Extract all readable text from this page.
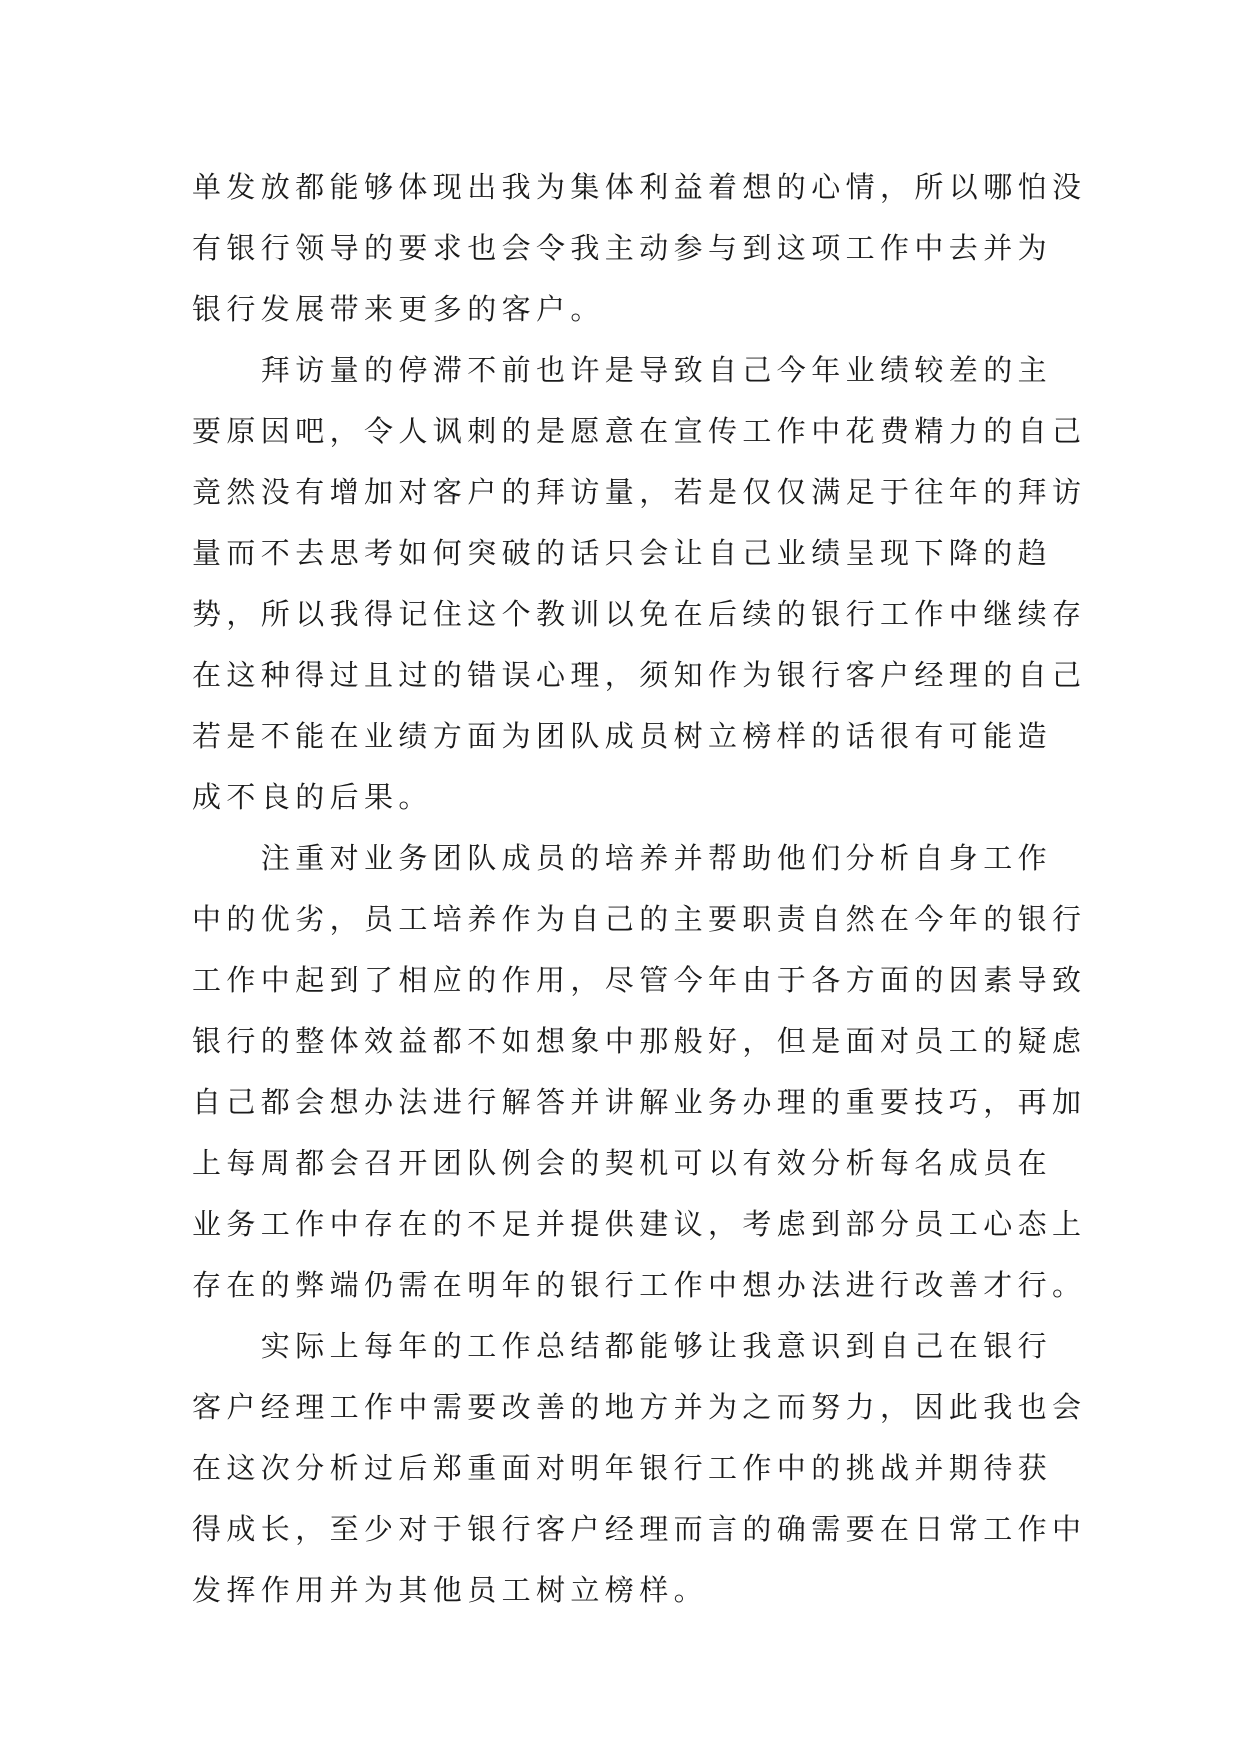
单发放都能够体现出我为集体利益着想的心情，所以哪怕没
有银行领导的要求也会令我主动参与到这项工作中去并为
银行发展带来更多的客户。
　　拜访量的停滞不前也许是导致自己今年业绩较差的主
要原因吧，令人讽刺的是愿意在宣传工作中花费精力的自己
竟然没有增加对客户的拜访量，若是仅仅满足于往年的拜访
量而不去思考如何突破的话只会让自己业绩呈现下降的趋
势，所以我得记住这个教训以免在后续的银行工作中继续存
在这种得过且过的错误心理，须知作为银行客户经理的自己
若是不能在业绩方面为团队成员树立榜样的话很有可能造
成不良的后果。
　　注重对业务团队成员的培养并帮助他们分析自身工作
中的优劣，员工培养作为自己的主要职责自然在今年的银行
工作中起到了相应的作用，尽管今年由于各方面的因素导致
银行的整体效益都不如想象中那般好，但是面对员工的疑虑
自己都会想办法进行解答并讲解业务办理的重要技巧，再加
上每周都会召开团队例会的契机可以有效分析每名成员在
业务工作中存在的不足并提供建议，考虑到部分员工心态上
存在的弊端仍需在明年的银行工作中想办法进行改善才行。
　　实际上每年的工作总结都能够让我意识到自己在银行
客户经理工作中需要改善的地方并为之而努力，因此我也会
在这次分析过后郑重面对明年银行工作中的挑战并期待获
得成长，至少对于银行客户经理而言的确需要在日常工作中
发挥作用并为其他员工树立榜样。
